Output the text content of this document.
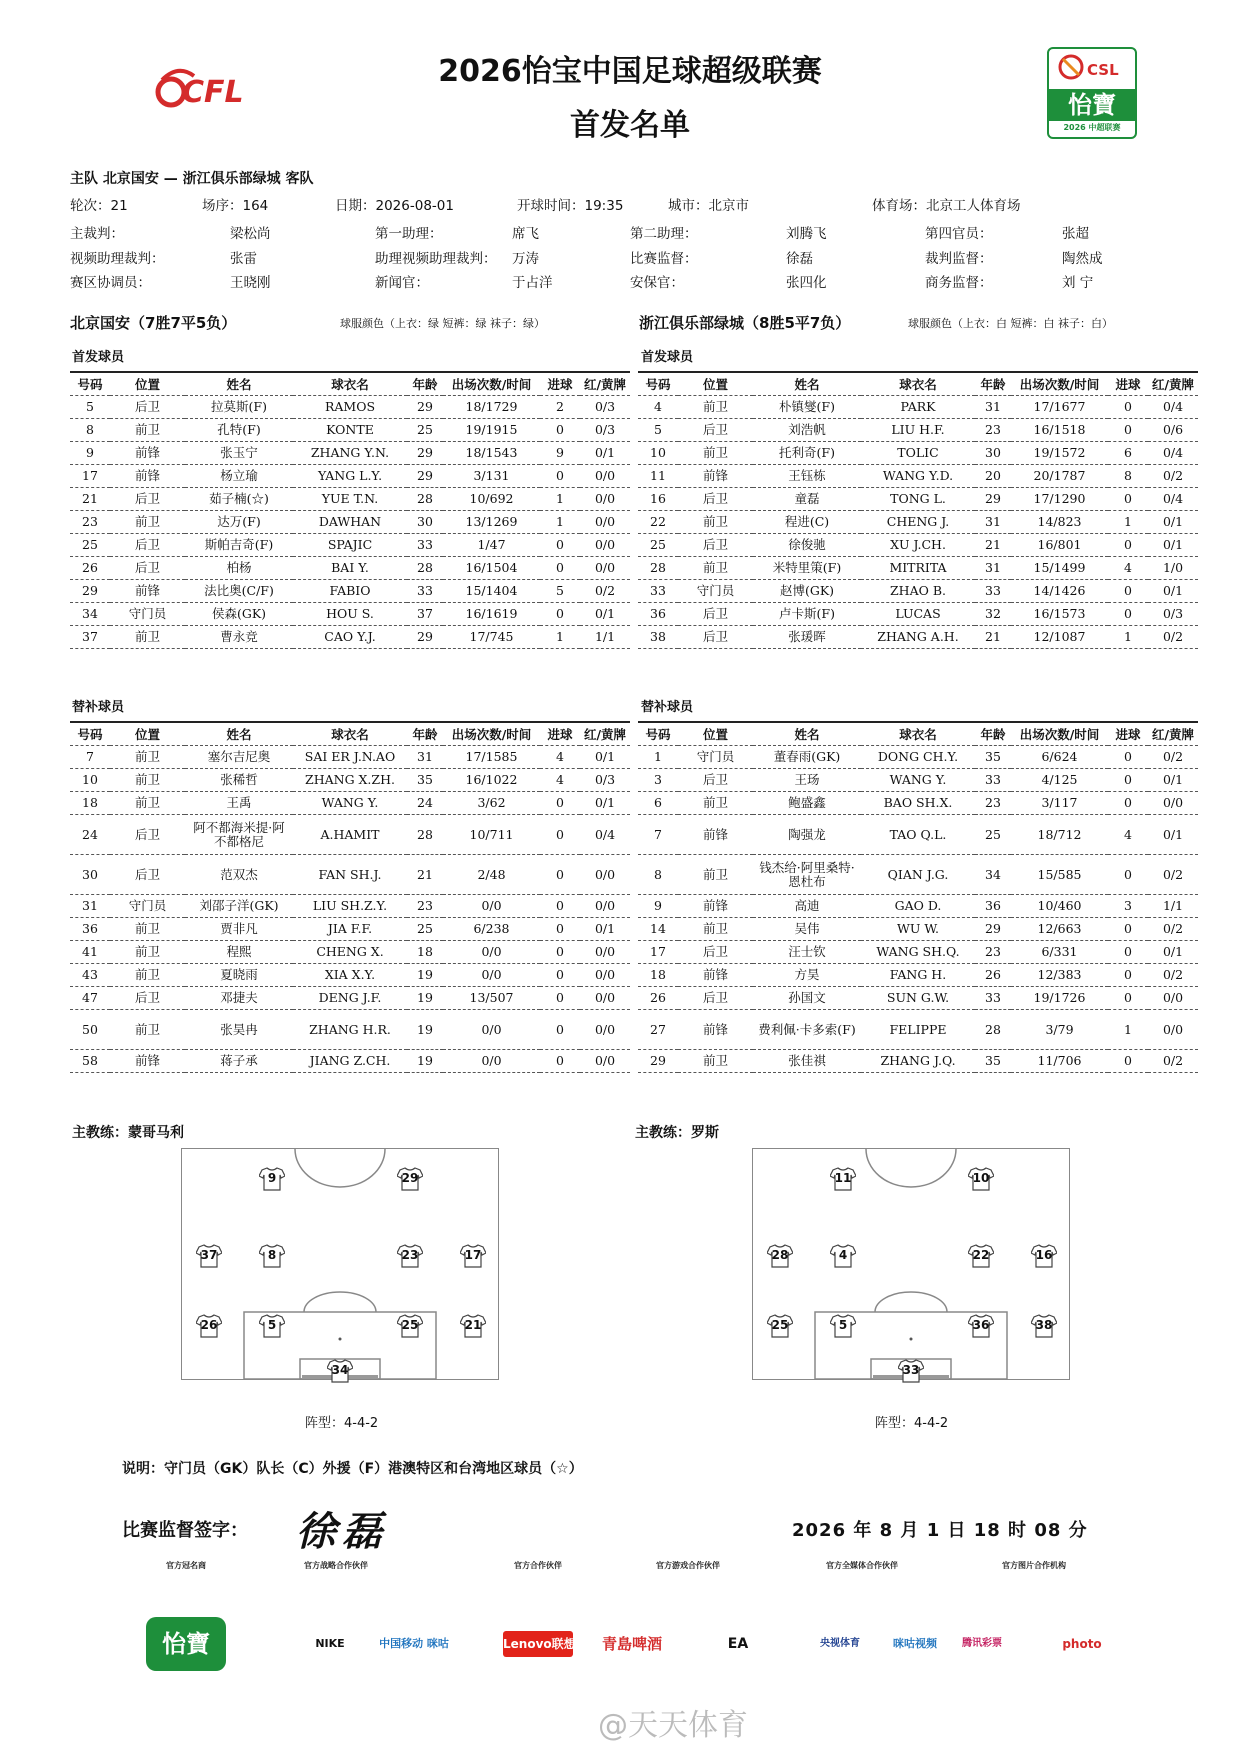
CFL
2026怡宝中国足球超级联赛
首发名单
CSL
怡寶
2026 中超联赛
主队 北京国安 — 浙江俱乐部绿城 客队
轮次：21	场序：164	日期：2026-08-01	开球时间：19:35	城市：北京市	体育场：北京工人体育场
主裁判：	梁松尚	第一助理：	席飞	第二助理：	刘腾飞	第四官员：	张超
视频助理裁判：	张雷	助理视频助理裁判： 万涛	比赛监督：	徐磊	裁判监督：	陶然成
赛区协调员：	王晓刚	新闻官：	于占洋	安保官：	张四化	商务监督：	刘 宁
北京国安（7胜7平5负）	球服颜色（上衣：绿 短裤：绿 袜子：绿）	浙江俱乐部绿城（8胜5平7负）	球服颜色（上衣：白 短裤：白 袜子：白）
首发球员	首发球员
号码	位置	姓名	球衣名	年龄	出场次数/时间	进球	红/黄牌
5	后卫	拉莫斯(F)	RAMOS	29	18/1729	2	0/3
8	前卫	孔特(F)	KONTE	25	19/1915	0	0/3
9	前锋	张玉宁	ZHANG Y.N.	29	18/1543	9	0/1
17	前锋	杨立瑜	YANG L.Y.	29	3/131	0	0/0
21	后卫	茹子楠(☆)	YUE T.N.	28	10/692	1	0/0
23	前卫	达万(F)	DAWHAN	30	13/1269	1	0/0
25	后卫	斯帕吉奇(F)	SPAJIC	33	1/47	0	0/0
26	后卫	柏杨	BAI Y.	28	16/1504	0	0/0
29	前锋	法比奥(C/F)	FABIO	33	15/1404	5	0/2
34	守门员	侯森(GK)	HOU S.	37	16/1619	0	0/1
37	前卫	曹永竞	CAO Y.J.	29	17/745	1	1/1
号码	位置	姓名	球衣名	年龄	出场次数/时间	进球	红/黄牌
4	前卫	朴镇燮(F)	PARK	31	17/1677	0	0/4
5	后卫	刘浩帆	LIU H.F.	23	16/1518	0	0/6
10	前卫	托利奇(F)	TOLIC	30	19/1572	6	0/4
11	前锋	王钰栋	WANG Y.D.	20	20/1787	8	0/2
16	后卫	童磊	TONG L.	29	17/1290	0	0/4
22	前卫	程进(C)	CHENG J.	31	14/823	1	0/1
25	后卫	徐俊驰	XU J.CH.	21	16/801	0	0/1
28	前卫	米特里策(F)	MITRITA	31	15/1499	4	1/0
33	守门员	赵博(GK)	ZHAO B.	33	14/1426	0	0/1
36	后卫	卢卡斯(F)	LUCAS	32	16/1573	0	0/3
38	后卫	张瑗晖	ZHANG A.H.	21	12/1087	1	0/2
替补球员	替补球员
号码	位置	姓名	球衣名	年龄	出场次数/时间	进球	红/黄牌
7	前卫	塞尔吉尼奥	SAI ER J.N.AO	31	17/1585	4	0/1
10	前卫	张稀哲	ZHANG X.ZH.	35	16/1022	4	0/3
18	前卫	王禹	WANG Y.	24	3/62	0	0/1
24	后卫	阿不都海米提·阿不都格尼	A.HAMIT	28	10/711	0	0/4
30	后卫	范双杰	FAN SH.J.	21	2/48	0	0/0
31	守门员	刘邵子洋(GK)	LIU SH.Z.Y.	23	0/0	0	0/0
36	前卫	贾非凡	JIA F.F.	25	6/238	0	0/1
41	前卫	程熙	CHENG X.	18	0/0	0	0/0
43	前卫	夏晓雨	XIA X.Y.	19	0/0	0	0/0
47	后卫	邓捷夫	DENG J.F.	19	13/507	0	0/0
50	前卫	张昊冉	ZHANG H.R.	19	0/0	0	0/0
58	前锋	蒋子承	JIANG Z.CH.	19	0/0	0	0/0
号码	位置	姓名	球衣名	年龄	出场次数/时间	进球	红/黄牌
1	守门员	董春雨(GK)	DONG CH.Y.	35	6/624	0	0/2
3	后卫	王玚	WANG Y.	33	4/125	0	0/1
6	前卫	鲍盛鑫	BAO SH.X.	23	3/117	0	0/0
7	前锋	陶强龙	TAO Q.L.	25	18/712	4	0/1
8	前卫	钱杰给·阿里桑特·恩杜布	QIAN J.G.	34	15/585	0	0/2
9	前锋	高迪	GAO D.	36	10/460	3	1/1
14	前卫	吴伟	WU W.	29	12/663	0	0/2
17	后卫	汪士钦	WANG SH.Q.	23	6/331	0	0/1
18	前锋	方昊	FANG H.	26	12/383	0	0/2
26	后卫	孙国文	SUN G.W.	33	19/1726	0	0/0
27	前锋	费利佩·卡多索(F)	FELIPPE	28	3/79	1	0/0
29	前卫	张佳祺	ZHANG J.Q.	35	11/706	0	0/2
主教练：蒙哥马利	主教练：罗斯
9	29
37	8	23	17
26	5	25	21
34
11	10
28	4	22	16
25	5	36	38
33
阵型：4-4-2	阵型：4-4-2
说明：守门员（GK）队长（C）外援（F）港澳特区和台湾地区球员（☆）
比赛监督签字： 徐磊	2026 年 8 月 1 日 18 时 08 分
官方冠名商	官方战略合作伙伴	官方合作伙伴	官方游戏合作伙伴	官方全媒体合作伙伴	官方图片合作机构
怡寶	NIKE	中国移动 咪咕	Lenovo联想 青島啤酒	EA	央视体育	咪咕视频	腾讯彩票	photo
@天天体育
